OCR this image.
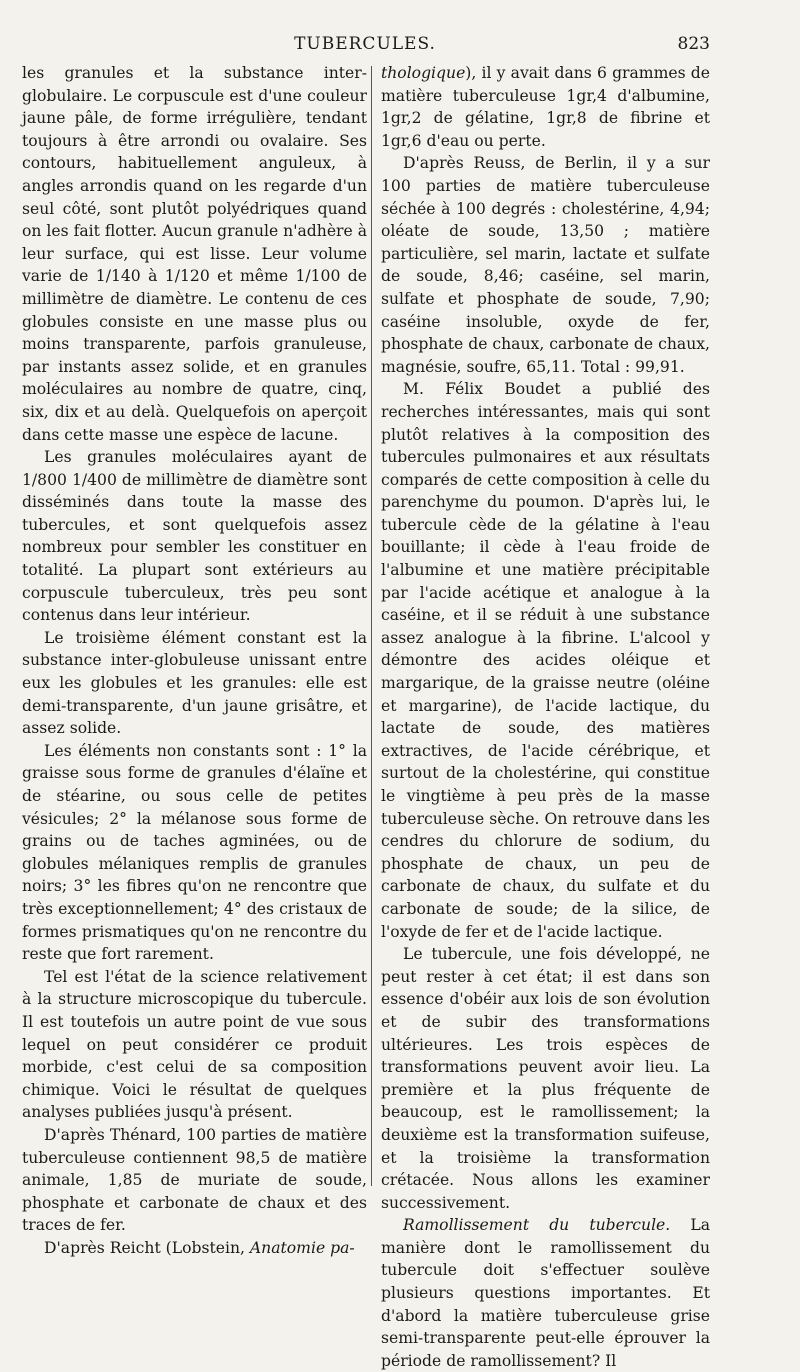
TUBERCULES.	823

les granules et la substance inter-globulaire. Le corpuscule est d'une couleur jaune pâle, de forme irrégulière, tendant toujours à être arrondi ou ovalaire. Ses contours, habituellement anguleux, à angles arrondis quand on les regarde d'un seul côté, sont plutôt polyédriques quand on les fait flotter. Aucun granule n'adhère à leur surface, qui est lisse. Leur volume varie de 1/140 à 1/120 et même 1/100 de millimètre de diamètre. Le contenu de ces globules consiste en une masse plus ou moins transparente, parfois granuleuse, par instants assez solide, et en granules moléculaires au nombre de quatre, cinq, six, dix et au delà. Quelquefois on aperçoit dans cette masse une espèce de lacune.

Les granules moléculaires ayant de 1/800 1/400 de millimètre de diamètre sont disséminés dans toute la masse des tubercules, et sont quelquefois assez nombreux pour sembler les constituer en totalité. La plupart sont extérieurs au corpuscule tuberculeux, très peu sont contenus dans leur intérieur.

Le troisième élément constant est la substance inter-globuleuse unissant entre eux les globules et les granules: elle est demi-transparente, d'un jaune grisâtre, et assez solide.

Les éléments non constants sont : 1° la graisse sous forme de granules d'élaïne et de stéarine, ou sous celle de petites vésicules; 2° la mélanose sous forme de grains ou de taches agminées, ou de globules mélaniques remplis de granules noirs; 3° les fibres qu'on ne rencontre que très exceptionnellement; 4° des cristaux de formes prismatiques qu'on ne rencontre du reste que fort rarement.

Tel est l'état de la science relativement à la structure microscopique du tubercule. Il est toutefois un autre point de vue sous lequel on peut considérer ce produit morbide, c'est celui de sa composition chimique. Voici le résultat de quelques analyses publiées jusqu'à présent.

D'après Thénard, 100 parties de matière tuberculeuse contiennent 98,5 de matière animale, 1,85 de muriate de soude, phosphate et carbonate de chaux et des traces de fer.

D'après Reicht (Lobstein, Anatomie pa-

thologique), il y avait dans 6 grammes de matière tuberculeuse 1gr,4 d'albumine, 1gr,2 de gélatine, 1gr,8 de fibrine et 1gr,6 d'eau ou perte.

D'après Reuss, de Berlin, il y a sur 100 parties de matière tuberculeuse séchée à 100 degrés : cholestérine, 4,94; oléate de soude, 13,50 ; matière particulière, sel marin, lactate et sulfate de soude, 8,46; caséine, sel marin, sulfate et phosphate de soude, 7,90; caséine insoluble, oxyde de fer, phosphate de chaux, carbonate de chaux, magnésie, soufre, 65,11. Total : 99,91.

M. Félix Boudet a publié des recherches intéressantes, mais qui sont plutôt relatives à la composition des tubercules pulmonaires et aux résultats comparés de cette composition à celle du parenchyme du poumon. D'après lui, le tubercule cède de la gélatine à l'eau bouillante; il cède à l'eau froide de l'albumine et une matière précipitable par l'acide acétique et analogue à la caséine, et il se réduit à une substance assez analogue à la fibrine. L'alcool y démontre des acides oléique et margarique, de la graisse neutre (oléine et margarine), de l'acide lactique, du lactate de soude, des matières extractives, de l'acide cérébrique, et surtout de la cholestérine, qui constitue le vingtième à peu près de la masse tuberculeuse sèche. On retrouve dans les cendres du chlorure de sodium, du phosphate de chaux, un peu de carbonate de chaux, du sulfate et du carbonate de soude; de la silice, de l'oxyde de fer et de l'acide lactique.

Le tubercule, une fois développé, ne peut rester à cet état; il est dans son essence d'obéir aux lois de son évolution et de subir des transformations ultérieures. Les trois espèces de transformations peuvent avoir lieu. La première et la plus fréquente de beaucoup, est le ramollissement; la deuxième est la transformation suifeuse, et la troisième la transformation crétacée. Nous allons les examiner successivement.

Ramollissement du tubercule. La manière dont le ramollissement du tubercule doit s'effectuer soulève plusieurs questions importantes. Et d'abord la matière tuberculeuse grise semi-transparente peut-elle éprouver la période de ramollissement? Il
